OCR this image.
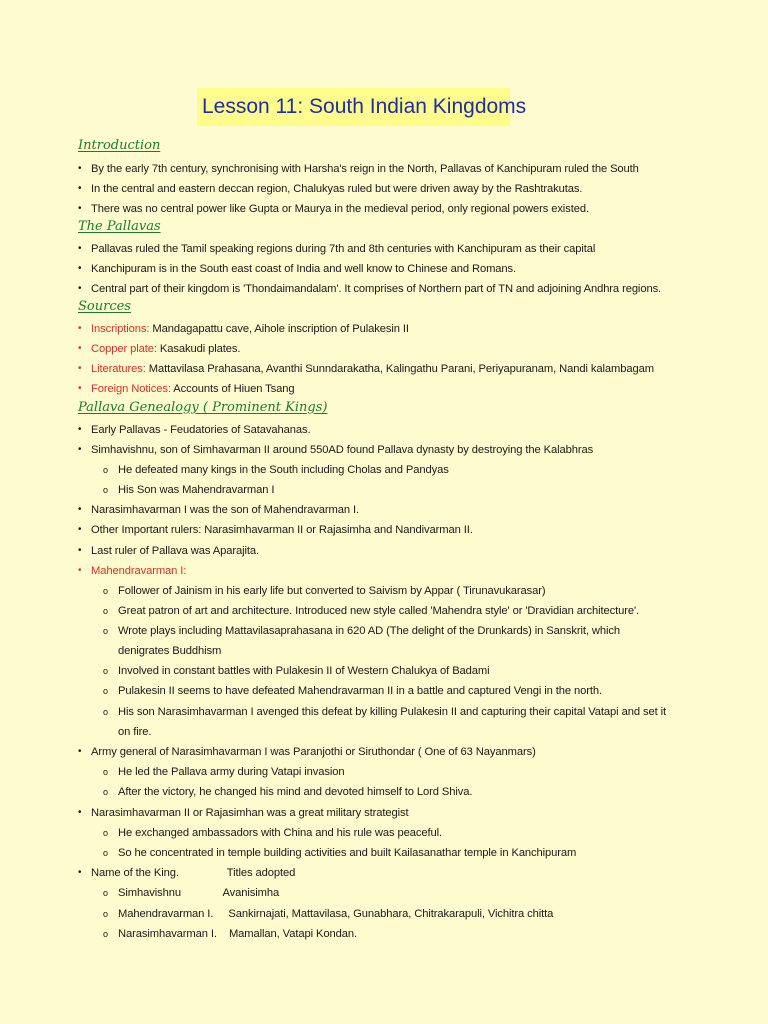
Lesson 11: South Indian Kingdoms
Introduction
• By the early 7th century, synchronising with Harsha's reign in the North, Pallavas of Kanchipuram ruled the South
• In the central and eastern deccan region, Chalukyas ruled but were driven away by the Rashtrakutas.
• There was no central power like Gupta or Maurya in the medieval period, only regional powers existed.
The Pallavas
• Pallavas ruled the Tamil speaking regions during 7th and 8th centuries with Kanchipuram as their capital
• Kanchipuram is in the South east coast of India and well know to Chinese and Romans.
• Central part of their kingdom is 'Thondaimandalam'. It comprises of Northern part of TN and adjoining Andhra regions.
Sources
• Inscriptions: Mandagapattu cave, Aihole inscription of Pulakesin II
• Copper plate: Kasakudi plates.
• Literatures: Mattavilasa Prahasana, Avanthi Sunndarakatha, Kalingathu Parani, Periyapuranam, Nandi kalambagam
• Foreign Notices: Accounts of Hiuen Tsang
Pallava Genealogy ( Prominent Kings)
• Early Pallavas - Feudatories of Satavahanas.
• Simhavishnu, son of Simhavarman II around 550AD found Pallava dynasty by destroying the Kalabhras
o He defeated many kings in the South including Cholas and Pandyas
o His Son was Mahendravarman I
• Narasimhavarman I was the son of Mahendravarman I.
• Other Important rulers: Narasimhavarman II or Rajasimha and Nandivarman II.
• Last ruler of Pallava was Aparajita.
• Mahendravarman I:
o Follower of Jainism in his early life but converted to Saivism by Appar ( Tirunavukarasar)
o Great patron of art and architecture. Introduced new style called 'Mahendra style' or 'Dravidian architecture'.
o Wrote plays including Mattavilasaprahasana in 620 AD (The delight of the Drunkards) in Sanskrit, which
denigrates Buddhism
o Involved in constant battles with Pulakesin II of Western Chalukya of Badami
o Pulakesin II seems to have defeated Mahendravarman II in a battle and captured Vengi in the north.
o His son Narasimhavarman I avenged this defeat by killing Pulakesin II and capturing their capital Vatapi and set it
on fire.
• Army general of Narasimhavarman I was Paranjothi or Siruthondar ( One of 63 Nayanmars)
o He led the Pallava army during Vatapi invasion
o After the victory, he changed his mind and devoted himself to Lord Shiva.
• Narasimhavarman II or Rajasimhan was a great military strategist
o He exchanged ambassadors with China and his rule was peaceful.
o So he concentrated in temple building activities and built Kailasanathar temple in Kanchipuram
• Name of the King.                Titles adopted
o Simhavishnu              Avanisimha
o Mahendravarman I.     Sankirnajati, Mattavilasa, Gunabhara, Chitrakarapuli, Vichitra chitta
o Narasimhavarman I.    Mamallan, Vatapi Kondan.
